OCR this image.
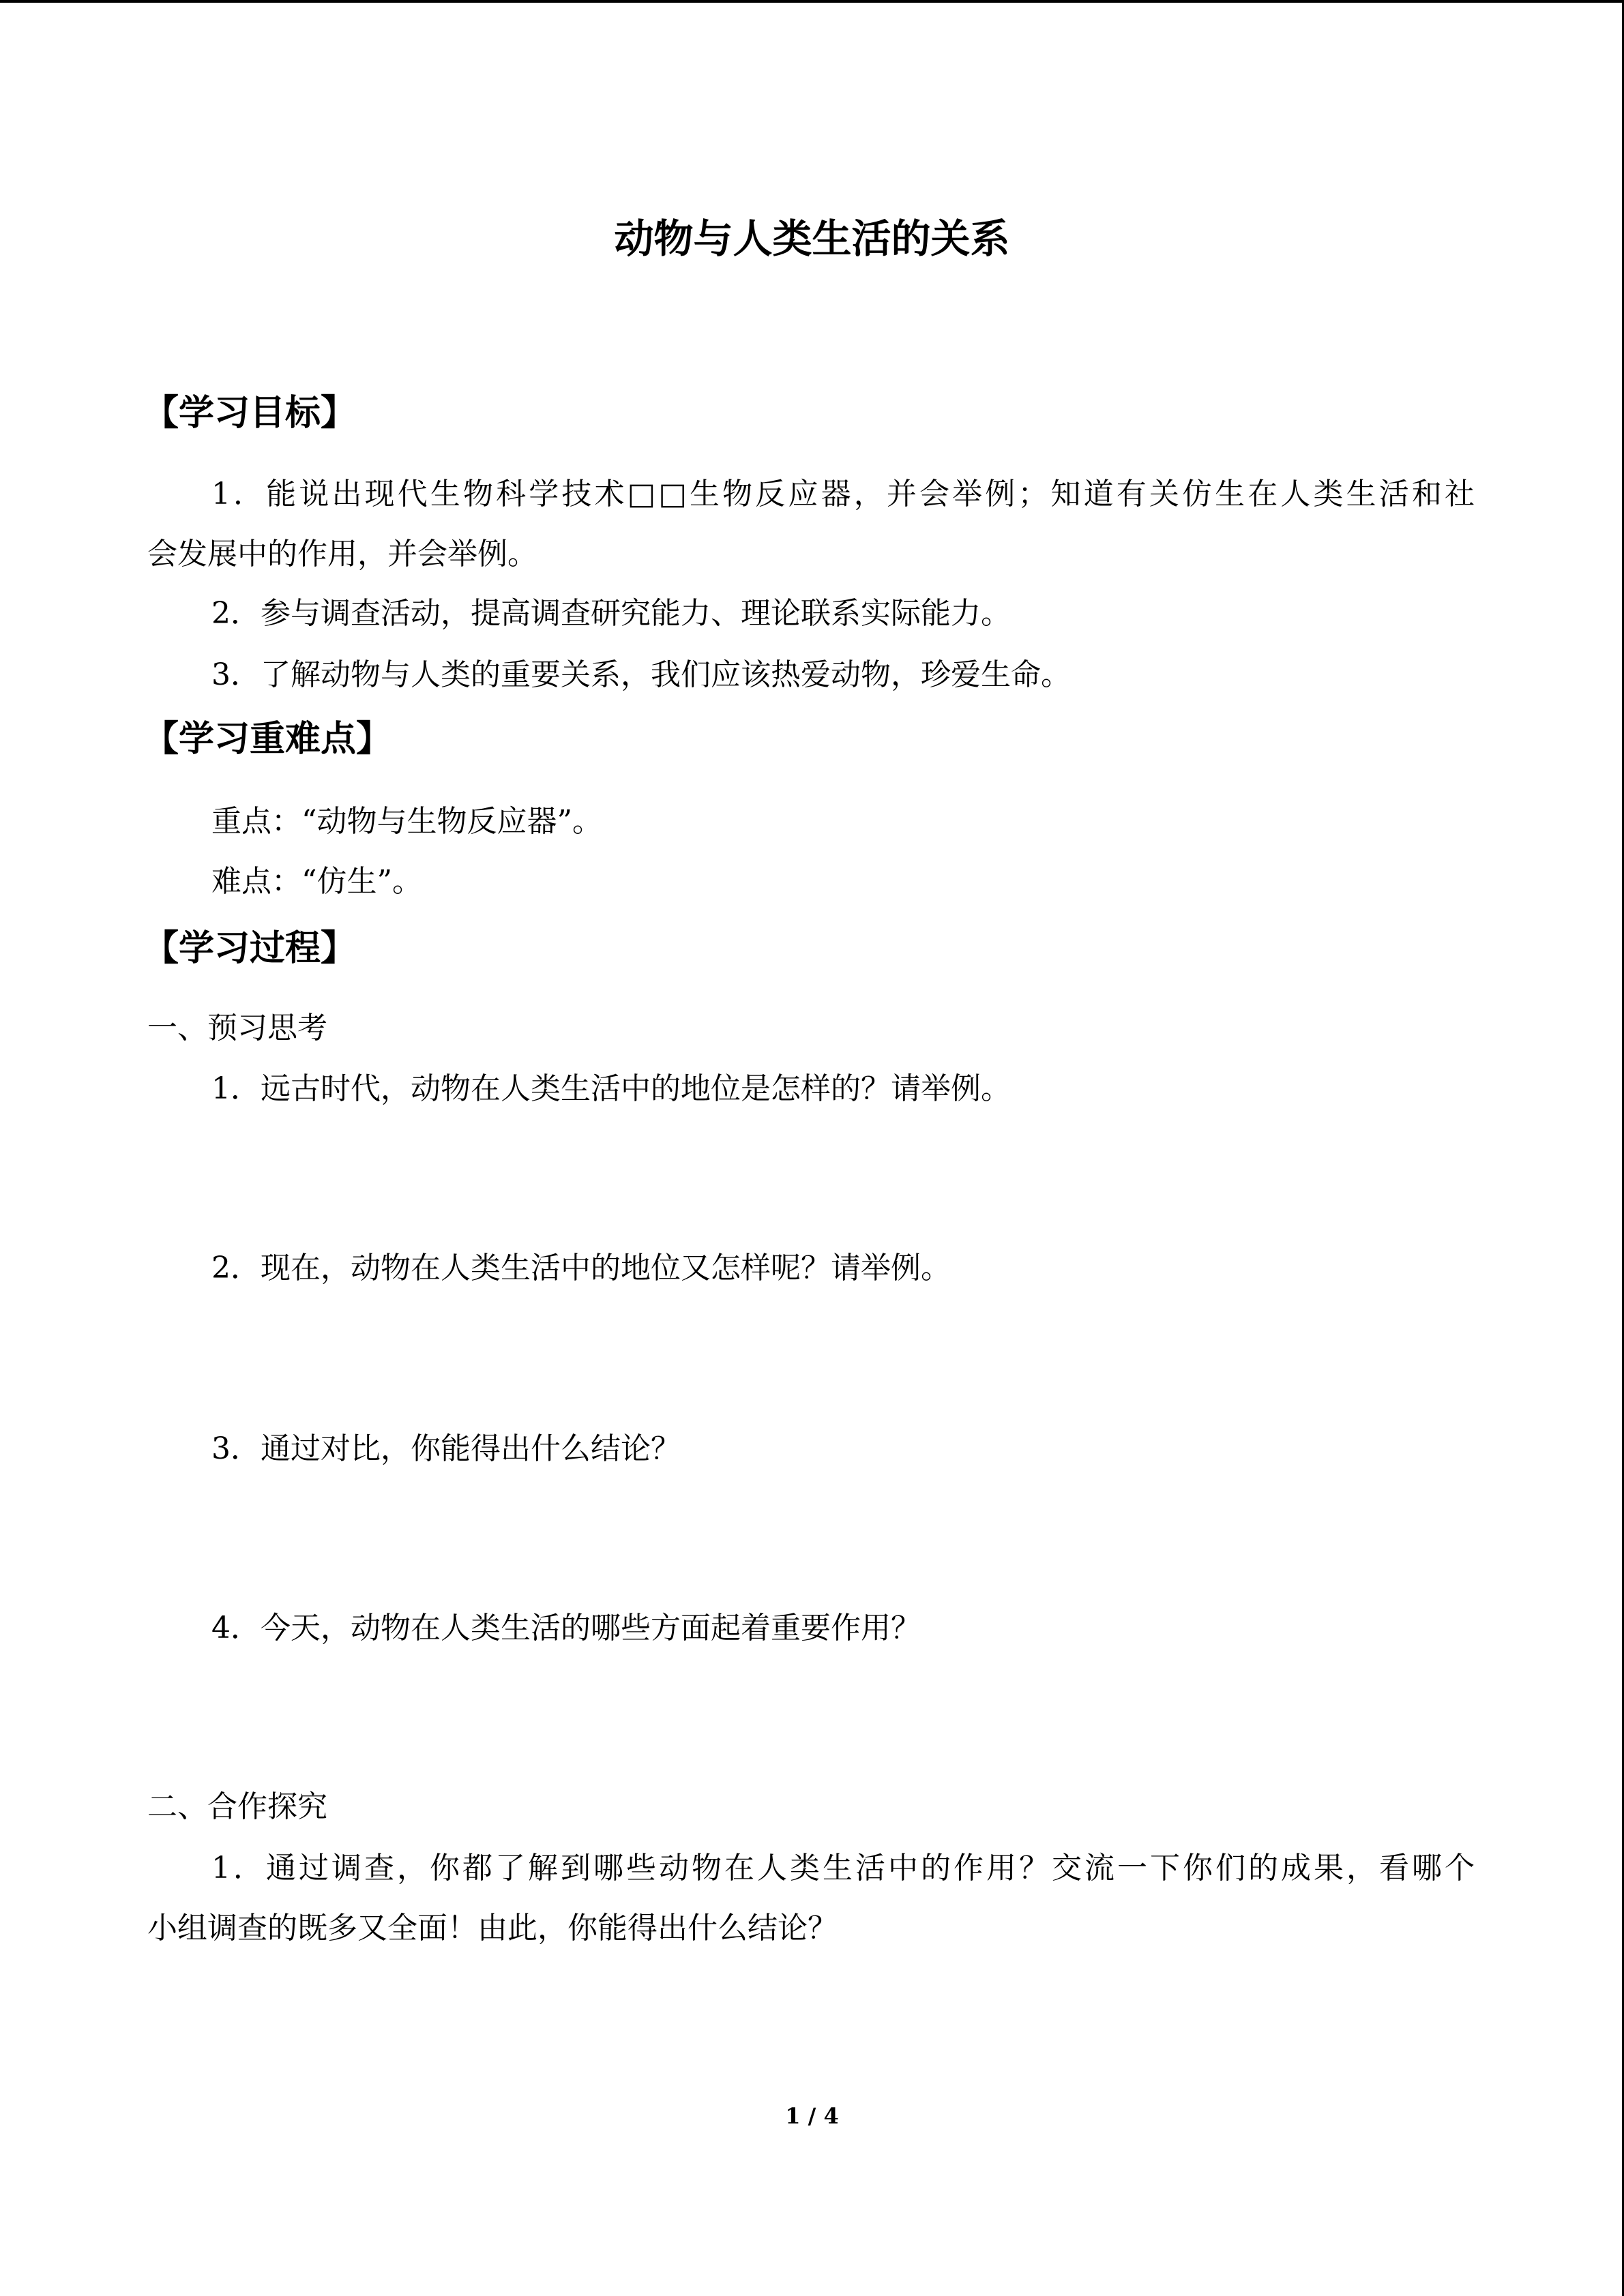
动物与人类生活的关系
【学习目标】
1．能说出现代生物科学技术□□生物反应器，并会举例；知道有关仿生在人类生活和社
会发展中的作用，并会举例。
2．参与调查活动，提高调查研究能力、理论联系实际能力。
3．了解动物与人类的重要关系，我们应该热爱动物，珍爱生命。
【学习重难点】
重点：“动物与生物反应器”。
难点：“仿生”。
【学习过程】
一、预习思考
1．远古时代，动物在人类生活中的地位是怎样的？请举例。
2．现在，动物在人类生活中的地位又怎样呢？请举例。
3．通过对比，你能得出什么结论？
4．今天，动物在人类生活的哪些方面起着重要作用？
二、合作探究
1．通过调查，你都了解到哪些动物在人类生活中的作用？交流一下你们的成果，看哪个
小组调查的既多又全面！由此，你能得出什么结论？
1 / 4
